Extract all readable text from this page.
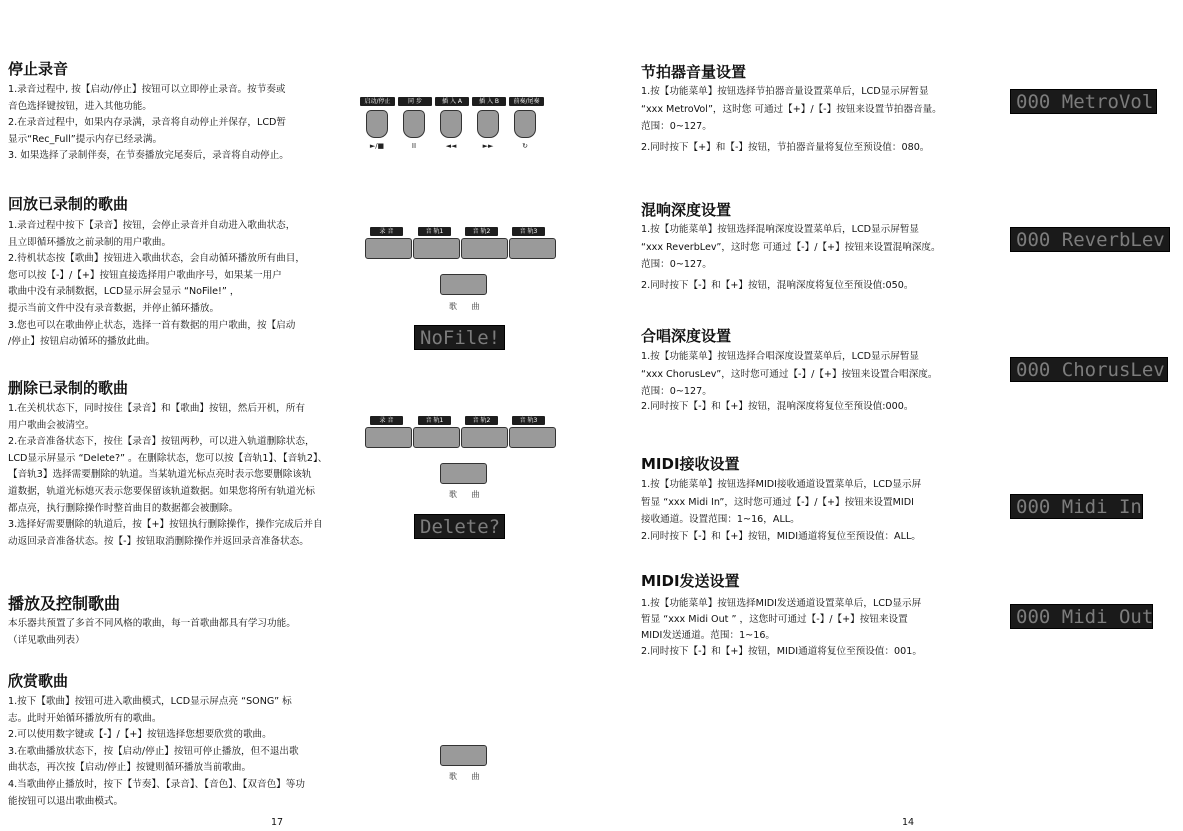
停止录音
1.录音过程中, 按【启动/停止】按钮可以立即停止录音。按节奏或
音色选择键按钮，进入其他功能。
2.在录音过程中，如果内存录满，录音将自动停止并保存，LCD暂
显示“Rec_Full”提示内存已经录满。
3. 如果选择了录制伴奏，在节奏播放完尾奏后，录音将自动停止。
启动/停止	同 步	插 入 A	插 入 B	前奏/尾奏
►/■	II	◄◄	►►	↻
回放已录制的歌曲
1.录音过程中按下【录音】按钮，会停止录音并自动进入歌曲状态，
且立即循环播放之前录制的用户歌曲。
2.待机状态按【歌曲】按钮进入歌曲状态，会自动循环播放所有曲目，
您可以按【-】/【+】按钮直接选择用户歌曲序号，如果某一用户
歌曲中没有录制数据，LCD显示屏会显示 “NoFile!” ，
提示当前文件中没有录音数据，并停止循环播放。
3.您也可以在歌曲停止状态，选择一首有数据的用户歌曲，按【启动
/停止】按钮启动循环的播放此曲。
录 音	音 轨1	音 轨2	音 轨3
歌 曲
NoFile!
删除已录制的歌曲
1.在关机状态下，同时按住【录音】和【歌曲】按钮，然后开机，所有
用户歌曲会被清空。
2.在录音准备状态下，按住【录音】按钮两秒，可以进入轨道删除状态，
LCD显示屏显示 “Delete?” 。在删除状态，您可以按【音轨1】、【音轨2】、
【音轨3】选择需要删除的轨道。当某轨道光标点亮时表示您要删除该轨
道数据，轨道光标熄灭表示您要保留该轨道数据。如果您将所有轨道光标
都点亮，执行删除操作时整首曲目的数据都会被删除。
3.选择好需要删除的轨道后，按【+】按钮执行删除操作，操作完成后并自
动返回录音准备状态。按【-】按钮取消删除操作并返回录音准备状态。
录 音	音 轨1	音 轨2	音 轨3
歌 曲
Delete?
播放及控制歌曲
本乐器共预置了多首不同风格的歌曲，每一首歌曲都具有学习功能。
（详见歌曲列表）
欣赏歌曲
1.按下【歌曲】按钮可进入歌曲模式，LCD显示屏点亮 “SONG” 标
志。此时开始循环播放所有的歌曲。
2.可以使用数字键或【-】/【+】按钮选择您想要欣赏的歌曲。
3.在歌曲播放状态下，按【启动/停止】按钮可停止播放，但不退出歌
曲状态，再次按【启动/停止】按键则循环播放当前歌曲。
4.当歌曲停止播放时，按下【节奏】、【录音】、【音色】、【双音色】等功
能按钮可以退出歌曲模式。
歌 曲
17
节拍器音量设置
1.按【功能菜单】按钮选择节拍器音量设置菜单后，LCD显示屏暂显
“xxx MetroVol”，这时您 可通过【+】/【-】按钮来设置节拍器音量。
范围：0~127。
2.同时按下【+】和【-】按钮，节拍器音量将复位至预设值：080。
000 MetroVol
混响深度设置
1.按【功能菜单】按钮选择混响深度设置菜单后，LCD显示屏暂显
“xxx ReverbLev”，这时您 可通过【-】/【+】按钮来设置混响深度。
范围：0~127。
2.同时按下【-】和【+】按钮，混响深度将复位至预设值:050。
000 ReverbLev
合唱深度设置
1.按【功能菜单】按钮选择合唱深度设置菜单后，LCD显示屏暂显
“xxx ChorusLev”，这时您可通过【-】/【+】按钮来设置合唱深度。
范围：0~127。
2.同时按下【-】和【+】按钮，混响深度将复位至预设值:000。
000 ChorusLev
MIDI接收设置
1.按【功能菜单】按钮选择MIDI接收通道设置菜单后，LCD显示屏
暂显 “xxx Midi In”，这时您可通过【-】/【+】按钮来设置MIDI
接收通道。设置范围：1~16，ALL。
2.同时按下【-】和【+】按钮，MIDI通道将复位至预设值：ALL。
000 Midi In
MIDI发送设置
1.按【功能菜单】按钮选择MIDI发送通道设置菜单后，LCD显示屏
暂显 “xxx Midi Out ” ，这您时可通过【-】/【+】按钮来设置
MIDI发送通道。范围：1~16。
2.同时按下【-】和【+】按钮，MIDI通道将复位至预设值：001。
000 Midi Out
14
